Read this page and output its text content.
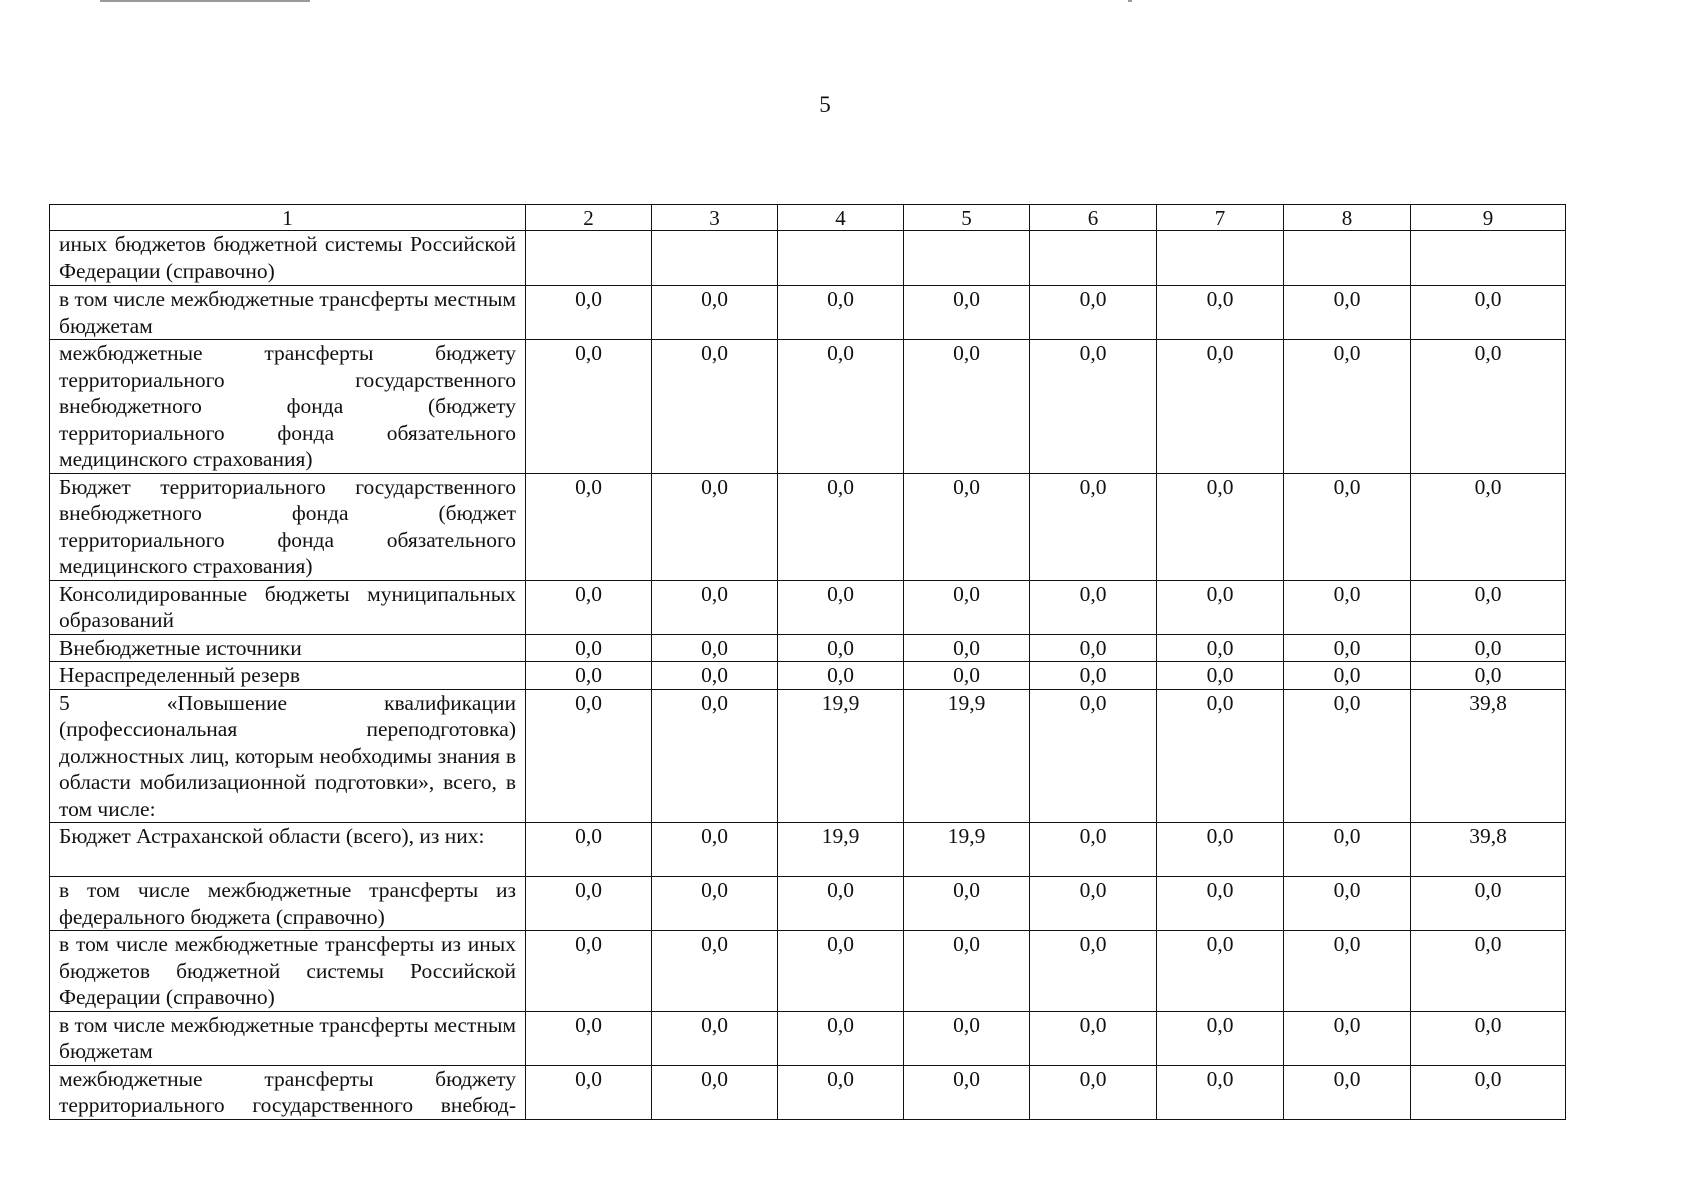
5
1	2	3	4	5	6	7	8	9
иных бюджетов бюджетной системы Российской Федерации (справочно)								
в том числе межбюджетные трансферты местным бюджетам	0,0	0,0	0,0	0,0	0,0	0,0	0,0	0,0
межбюджетные трансферты бюджету территориального государственного внебюджетного фонда (бюджету территориального фонда обязательного медицинского страхования)	0,0	0,0	0,0	0,0	0,0	0,0	0,0	0,0
Бюджет территориального государственного внебюджетного фонда (бюджет территориального фонда обязательного медицинского страхования)	0,0	0,0	0,0	0,0	0,0	0,0	0,0	0,0
Консолидированные бюджеты муниципальных образований	0,0	0,0	0,0	0,0	0,0	0,0	0,0	0,0
Внебюджетные источники	0,0	0,0	0,0	0,0	0,0	0,0	0,0	0,0
Нераспределенный резерв	0,0	0,0	0,0	0,0	0,0	0,0	0,0	0,0
5 «Повышение квалификации (профессиональная переподготовка) должностных лиц, которым необходимы знания в области мобилизационной подготовки», всего, в том числе:	0,0	0,0	19,9	19,9	0,0	0,0	0,0	39,8
Бюджет Астраханской области (всего), из них:	0,0	0,0	19,9	19,9	0,0	0,0	0,0	39,8
в том числе межбюджетные трансферты из федерального бюджета (справочно)	0,0	0,0	0,0	0,0	0,0	0,0	0,0	0,0
в том числе межбюджетные трансферты из иных бюджетов бюджетной системы Российской Федерации (справочно)	0,0	0,0	0,0	0,0	0,0	0,0	0,0	0,0
в том числе межбюджетные трансферты местным бюджетам	0,0	0,0	0,0	0,0	0,0	0,0	0,0	0,0
межбюджетные трансферты бюджету территориального государственного внебюд-	0,0	0,0	0,0	0,0	0,0	0,0	0,0	0,0
